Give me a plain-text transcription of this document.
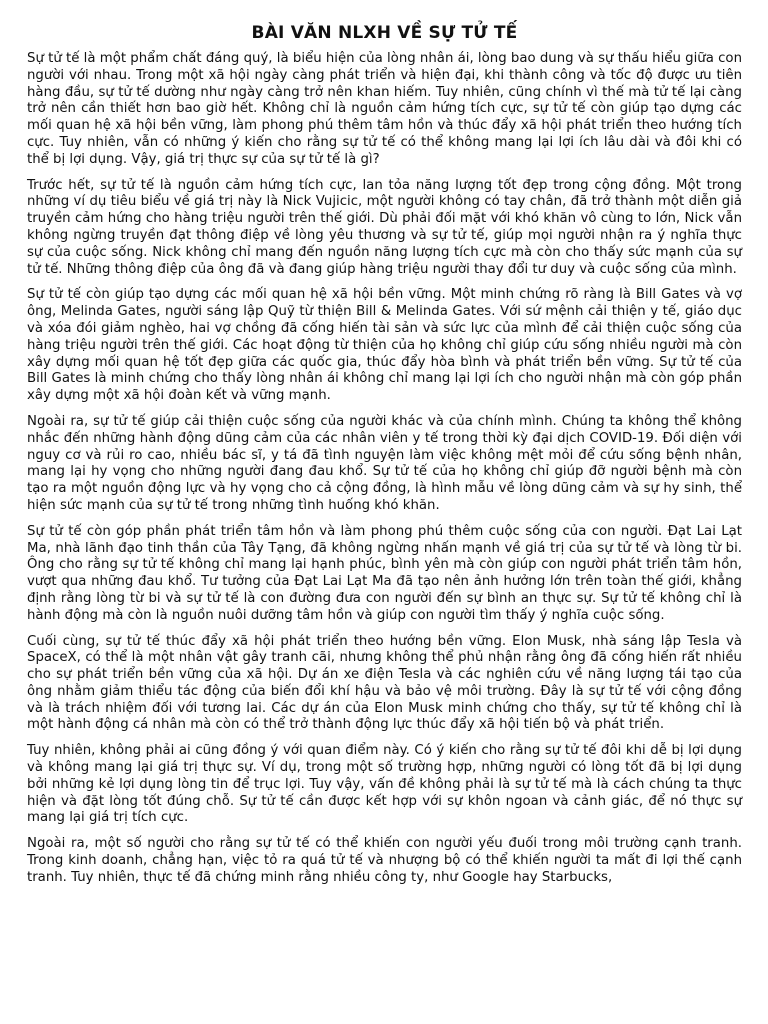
BÀI VĂN NLXH VỀ SỰ TỬ TẾ

Sự tử tế là một phẩm chất đáng quý, là biểu hiện của lòng nhân ái, lòng bao dung và sự thấu hiểu giữa con người với nhau. Trong một xã hội ngày càng phát triển và hiện đại, khi thành công và tốc độ được ưu tiên hàng đầu, sự tử tế dường như ngày càng trở nên khan hiếm. Tuy nhiên, cũng chính vì thế mà tử tế lại càng trở nên cần thiết hơn bao giờ hết. Không chỉ là nguồn cảm hứng tích cực, sự tử tế còn giúp tạo dựng các mối quan hệ xã hội bền vững, làm phong phú thêm tâm hồn và thúc đẩy xã hội phát triển theo hướng tích cực. Tuy nhiên, vẫn có những ý kiến cho rằng sự tử tế có thể không mang lại lợi ích lâu dài và đôi khi có thể bị lợi dụng. Vậy, giá trị thực sự của sự tử tế là gì?

Trước hết, sự tử tế là nguồn cảm hứng tích cực, lan tỏa năng lượng tốt đẹp trong cộng đồng. Một trong những ví dụ tiêu biểu về giá trị này là Nick Vujicic, một người không có tay chân, đã trở thành một diễn giả truyền cảm hứng cho hàng triệu người trên thế giới. Dù phải đối mặt với khó khăn vô cùng to lớn, Nick vẫn không ngừng truyền đạt thông điệp về lòng yêu thương và sự tử tế, giúp mọi người nhận ra ý nghĩa thực sự của cuộc sống. Nick không chỉ mang đến nguồn năng lượng tích cực mà còn cho thấy sức mạnh của sự tử tế. Những thông điệp của ông đã và đang giúp hàng triệu người thay đổi tư duy và cuộc sống của mình.

Sự tử tế còn giúp tạo dựng các mối quan hệ xã hội bền vững. Một minh chứng rõ ràng là Bill Gates và vợ ông, Melinda Gates, người sáng lập Quỹ từ thiện Bill & Melinda Gates. Với sứ mệnh cải thiện y tế, giáo dục và xóa đói giảm nghèo, hai vợ chồng đã cống hiến tài sản và sức lực của mình để cải thiện cuộc sống của hàng triệu người trên thế giới. Các hoạt động từ thiện của họ không chỉ giúp cứu sống nhiều người mà còn xây dựng mối quan hệ tốt đẹp giữa các quốc gia, thúc đẩy hòa bình và phát triển bền vững. Sự tử tế của Bill Gates là minh chứng cho thấy lòng nhân ái không chỉ mang lại lợi ích cho người nhận mà còn góp phần xây dựng một xã hội đoàn kết và vững mạnh.

Ngoài ra, sự tử tế giúp cải thiện cuộc sống của người khác và của chính mình. Chúng ta không thể không nhắc đến những hành động dũng cảm của các nhân viên y tế trong thời kỳ đại dịch COVID-19. Đối diện với nguy cơ và rủi ro cao, nhiều bác sĩ, y tá đã tình nguyện làm việc không mệt mỏi để cứu sống bệnh nhân, mang lại hy vọng cho những người đang đau khổ. Sự tử tế của họ không chỉ giúp đỡ người bệnh mà còn tạo ra một nguồn động lực và hy vọng cho cả cộng đồng, là hình mẫu về lòng dũng cảm và sự hy sinh, thể hiện sức mạnh của sự tử tế trong những tình huống khó khăn.

Sự tử tế còn góp phần phát triển tâm hồn và làm phong phú thêm cuộc sống của con người. Đạt Lai Lạt Ma, nhà lãnh đạo tinh thần của Tây Tạng, đã không ngừng nhấn mạnh về giá trị của sự tử tế và lòng từ bi. Ông cho rằng sự tử tế không chỉ mang lại hạnh phúc, bình yên mà còn giúp con người phát triển tâm hồn, vượt qua những đau khổ. Tư tưởng của Đạt Lai Lạt Ma đã tạo nên ảnh hưởng lớn trên toàn thế giới, khẳng định rằng lòng từ bi và sự tử tế là con đường đưa con người đến sự bình an thực sự. Sự tử tế không chỉ là hành động mà còn là nguồn nuôi dưỡng tâm hồn và giúp con người tìm thấy ý nghĩa cuộc sống.

Cuối cùng, sự tử tế thúc đẩy xã hội phát triển theo hướng bền vững. Elon Musk, nhà sáng lập Tesla và SpaceX, có thể là một nhân vật gây tranh cãi, nhưng không thể phủ nhận rằng ông đã cống hiến rất nhiều cho sự phát triển bền vững của xã hội. Dự án xe điện Tesla và các nghiên cứu về năng lượng tái tạo của ông nhằm giảm thiểu tác động của biến đổi khí hậu và bảo vệ môi trường. Đây là sự tử tế với cộng đồng và là trách nhiệm đối với tương lai. Các dự án của Elon Musk minh chứng cho thấy, sự tử tế không chỉ là một hành động cá nhân mà còn có thể trở thành động lực thúc đẩy xã hội tiến bộ và phát triển.

Tuy nhiên, không phải ai cũng đồng ý với quan điểm này. Có ý kiến cho rằng sự tử tế đôi khi dễ bị lợi dụng và không mang lại giá trị thực sự. Ví dụ, trong một số trường hợp, những người có lòng tốt đã bị lợi dụng bởi những kẻ lợi dụng lòng tin để trục lợi. Tuy vậy, vấn đề không phải là sự tử tế mà là cách chúng ta thực hiện và đặt lòng tốt đúng chỗ. Sự tử tế cần được kết hợp với sự khôn ngoan và cảnh giác, để nó thực sự mang lại giá trị tích cực.

Ngoài ra, một số người cho rằng sự tử tế có thể khiến con người yếu đuối trong môi trường cạnh tranh. Trong kinh doanh, chẳng hạn, việc tỏ ra quá tử tế và nhượng bộ có thể khiến người ta mất đi lợi thế cạnh tranh. Tuy nhiên, thực tế đã chứng minh rằng nhiều công ty, như Google hay Starbucks,
